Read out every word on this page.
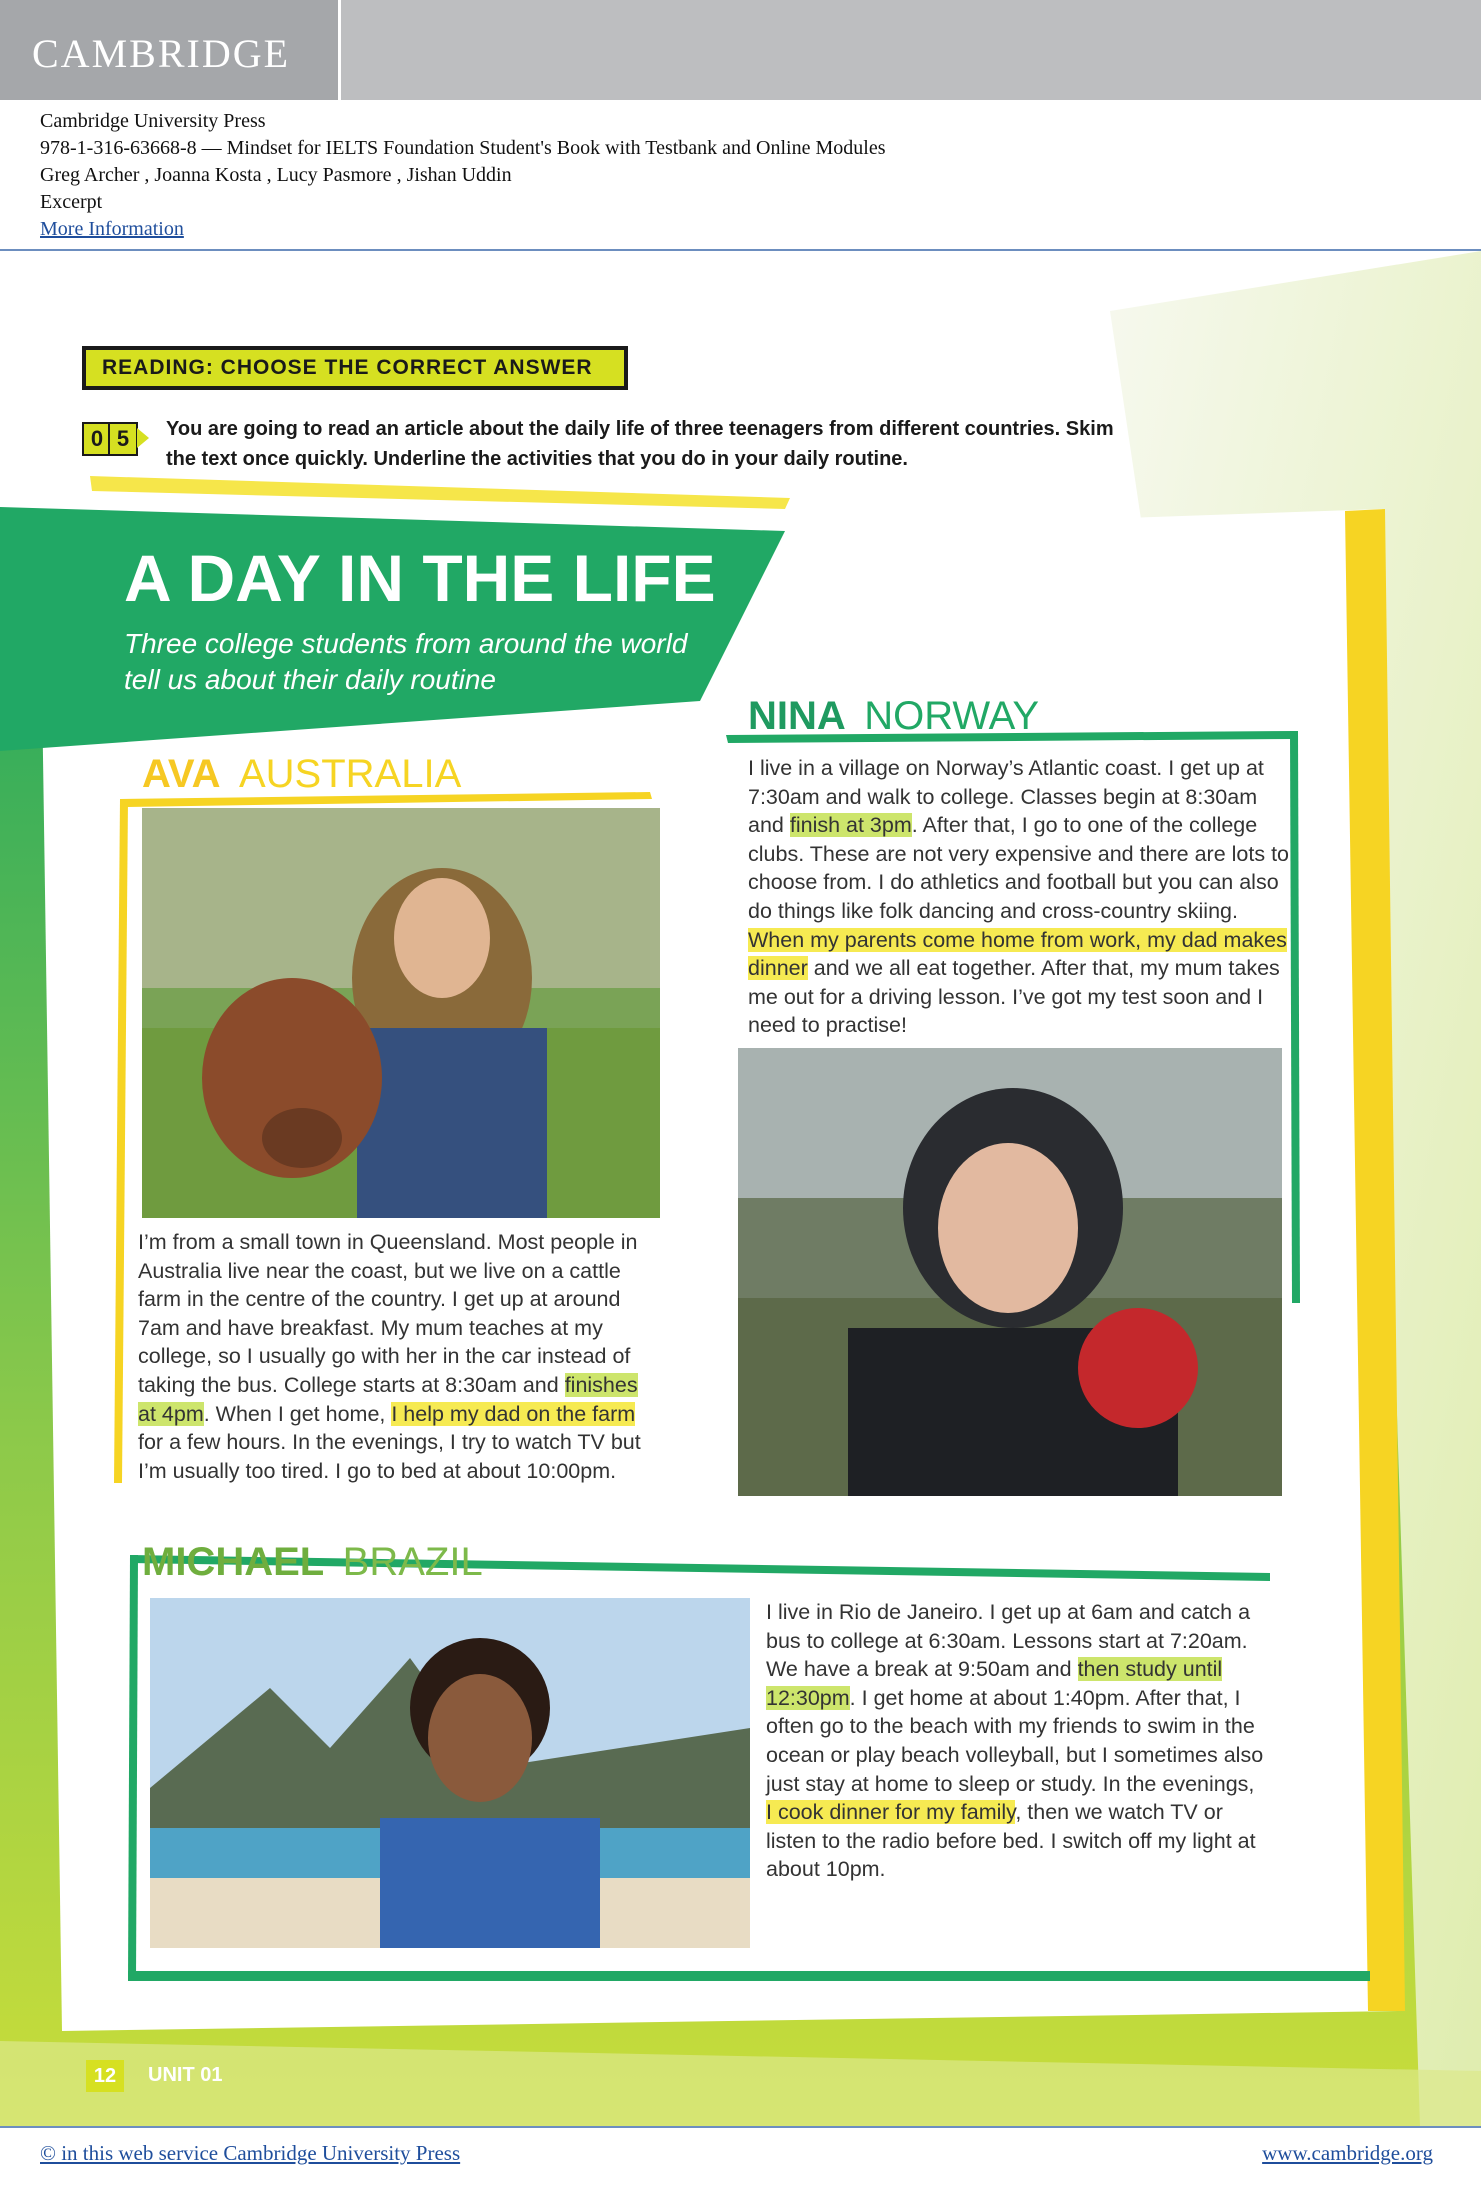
CAMBRIDGE
Cambridge University Press
978-1-316-63668-8 — Mindset for IELTS Foundation Student's Book with Testbank and Online Modules
Greg Archer , Joanna Kosta , Lucy Pasmore , Jishan Uddin
Excerpt
More Information
READING: CHOOSE THE CORRECT ANSWER
0 5	You are going to read an article about the daily life of three teenagers from different countries. Skim the text once quickly. Underline the activities that you do in your daily routine.
A DAY IN THE LIFE
Three college students from around the world tell us about their daily routine
AVA AUSTRALIA
I’m from a small town in Queensland. Most people in Australia live near the coast, but we live on a cattle farm in the centre of the country. I get up at around 7am and have breakfast. My mum teaches at my college, so I usually go with her in the car instead of taking the bus. College starts at 8:30am and finishes at 4pm. When I get home, I help my dad on the farm for a few hours. In the evenings, I try to watch TV but I’m usually too tired. I go to bed at about 10:00pm.
NINA NORWAY
I live in a village on Norway’s Atlantic coast. I get up at 7:30am and walk to college. Classes begin at 8:30am and finish at 3pm. After that, I go to one of the college clubs. These are not very expensive and there are lots to choose from. I do athletics and football but you can also do things like folk dancing and cross-country skiing. When my parents come home from work, my dad makes dinner and we all eat together. After that, my mum takes me out for a driving lesson. I’ve got my test soon and I need to practise!
MICHAEL BRAZIL
I live in Rio de Janeiro. I get up at 6am and catch a bus to college at 6:30am. Lessons start at 7:20am. We have a break at 9:50am and then study until 12:30pm. I get home at about 1:40pm. After that, I often go to the beach with my friends to swim in the ocean or play beach volleyball, but I sometimes also just stay at home to sleep or study. In the evenings, I cook dinner for my family, then we watch TV or listen to the radio before bed. I switch off my light at about 10pm.
12	UNIT 01
© in this web service Cambridge University Press	www.cambridge.org
